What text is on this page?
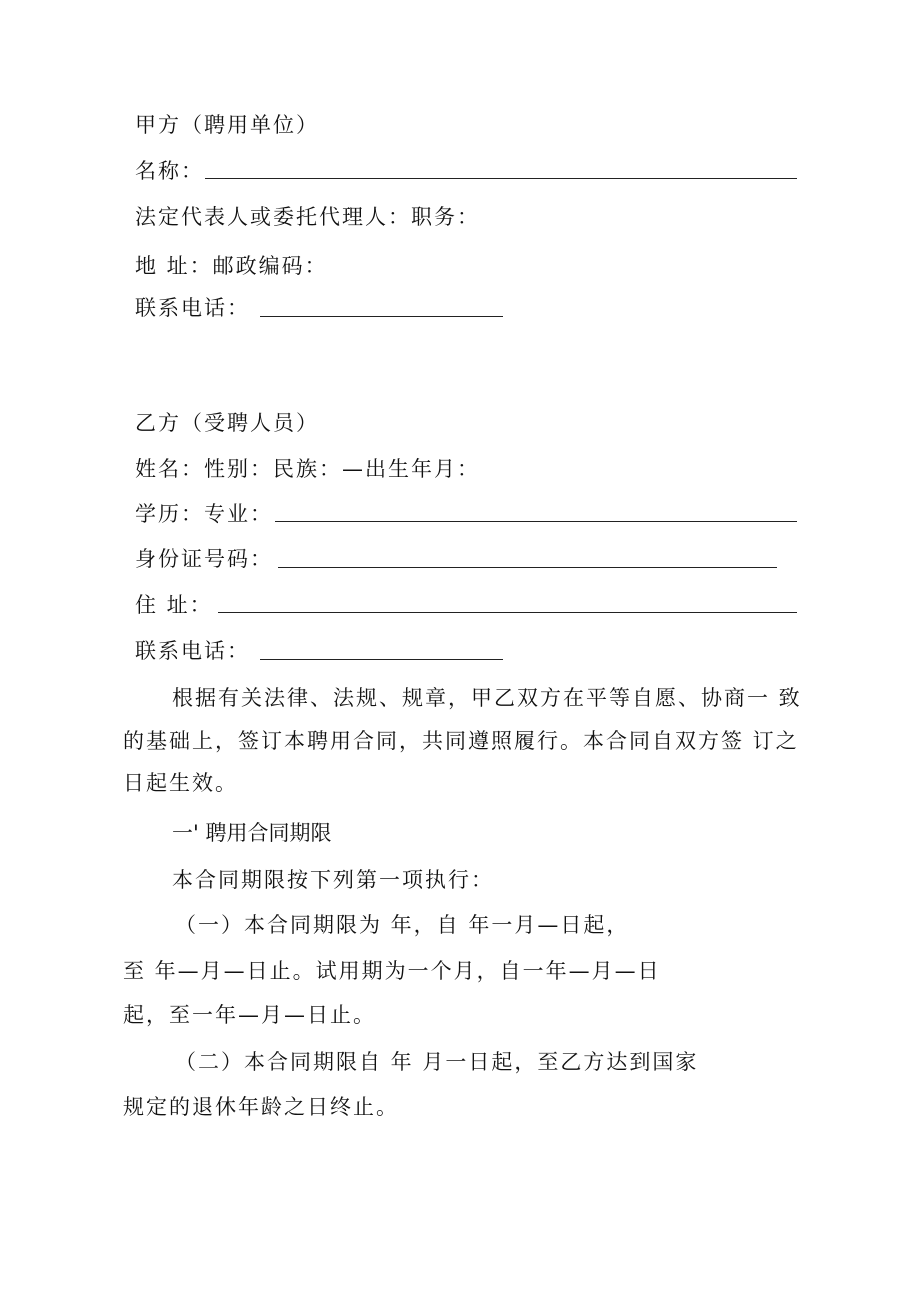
甲方（聘用单位）
名称：
法定代表人或委托代理人：职务：
地 址：邮政编码：
联系电话：
乙方（受聘人员）
姓名：性别：民族：—出生年月：
学历：专业：
身份证号码：
住 址：
联系电话：
根据有关法律、法规、规章，甲乙双方在平等自愿、协商一 致
的基础上，签订本聘用合同，共同遵照履行。本合同自双方签 订之
日起生效。
一' 聘用合同期限
本合同期限按下列第一项执行：
（一）本合同期限为 年，自 年一月—日起，
至 年—月—日止。试用期为一个月，自一年—月—日
起，至一年—月—日止。
（二）本合同期限自 年 月一日起，至乙方达到国家
规定的退休年龄之日终止。
